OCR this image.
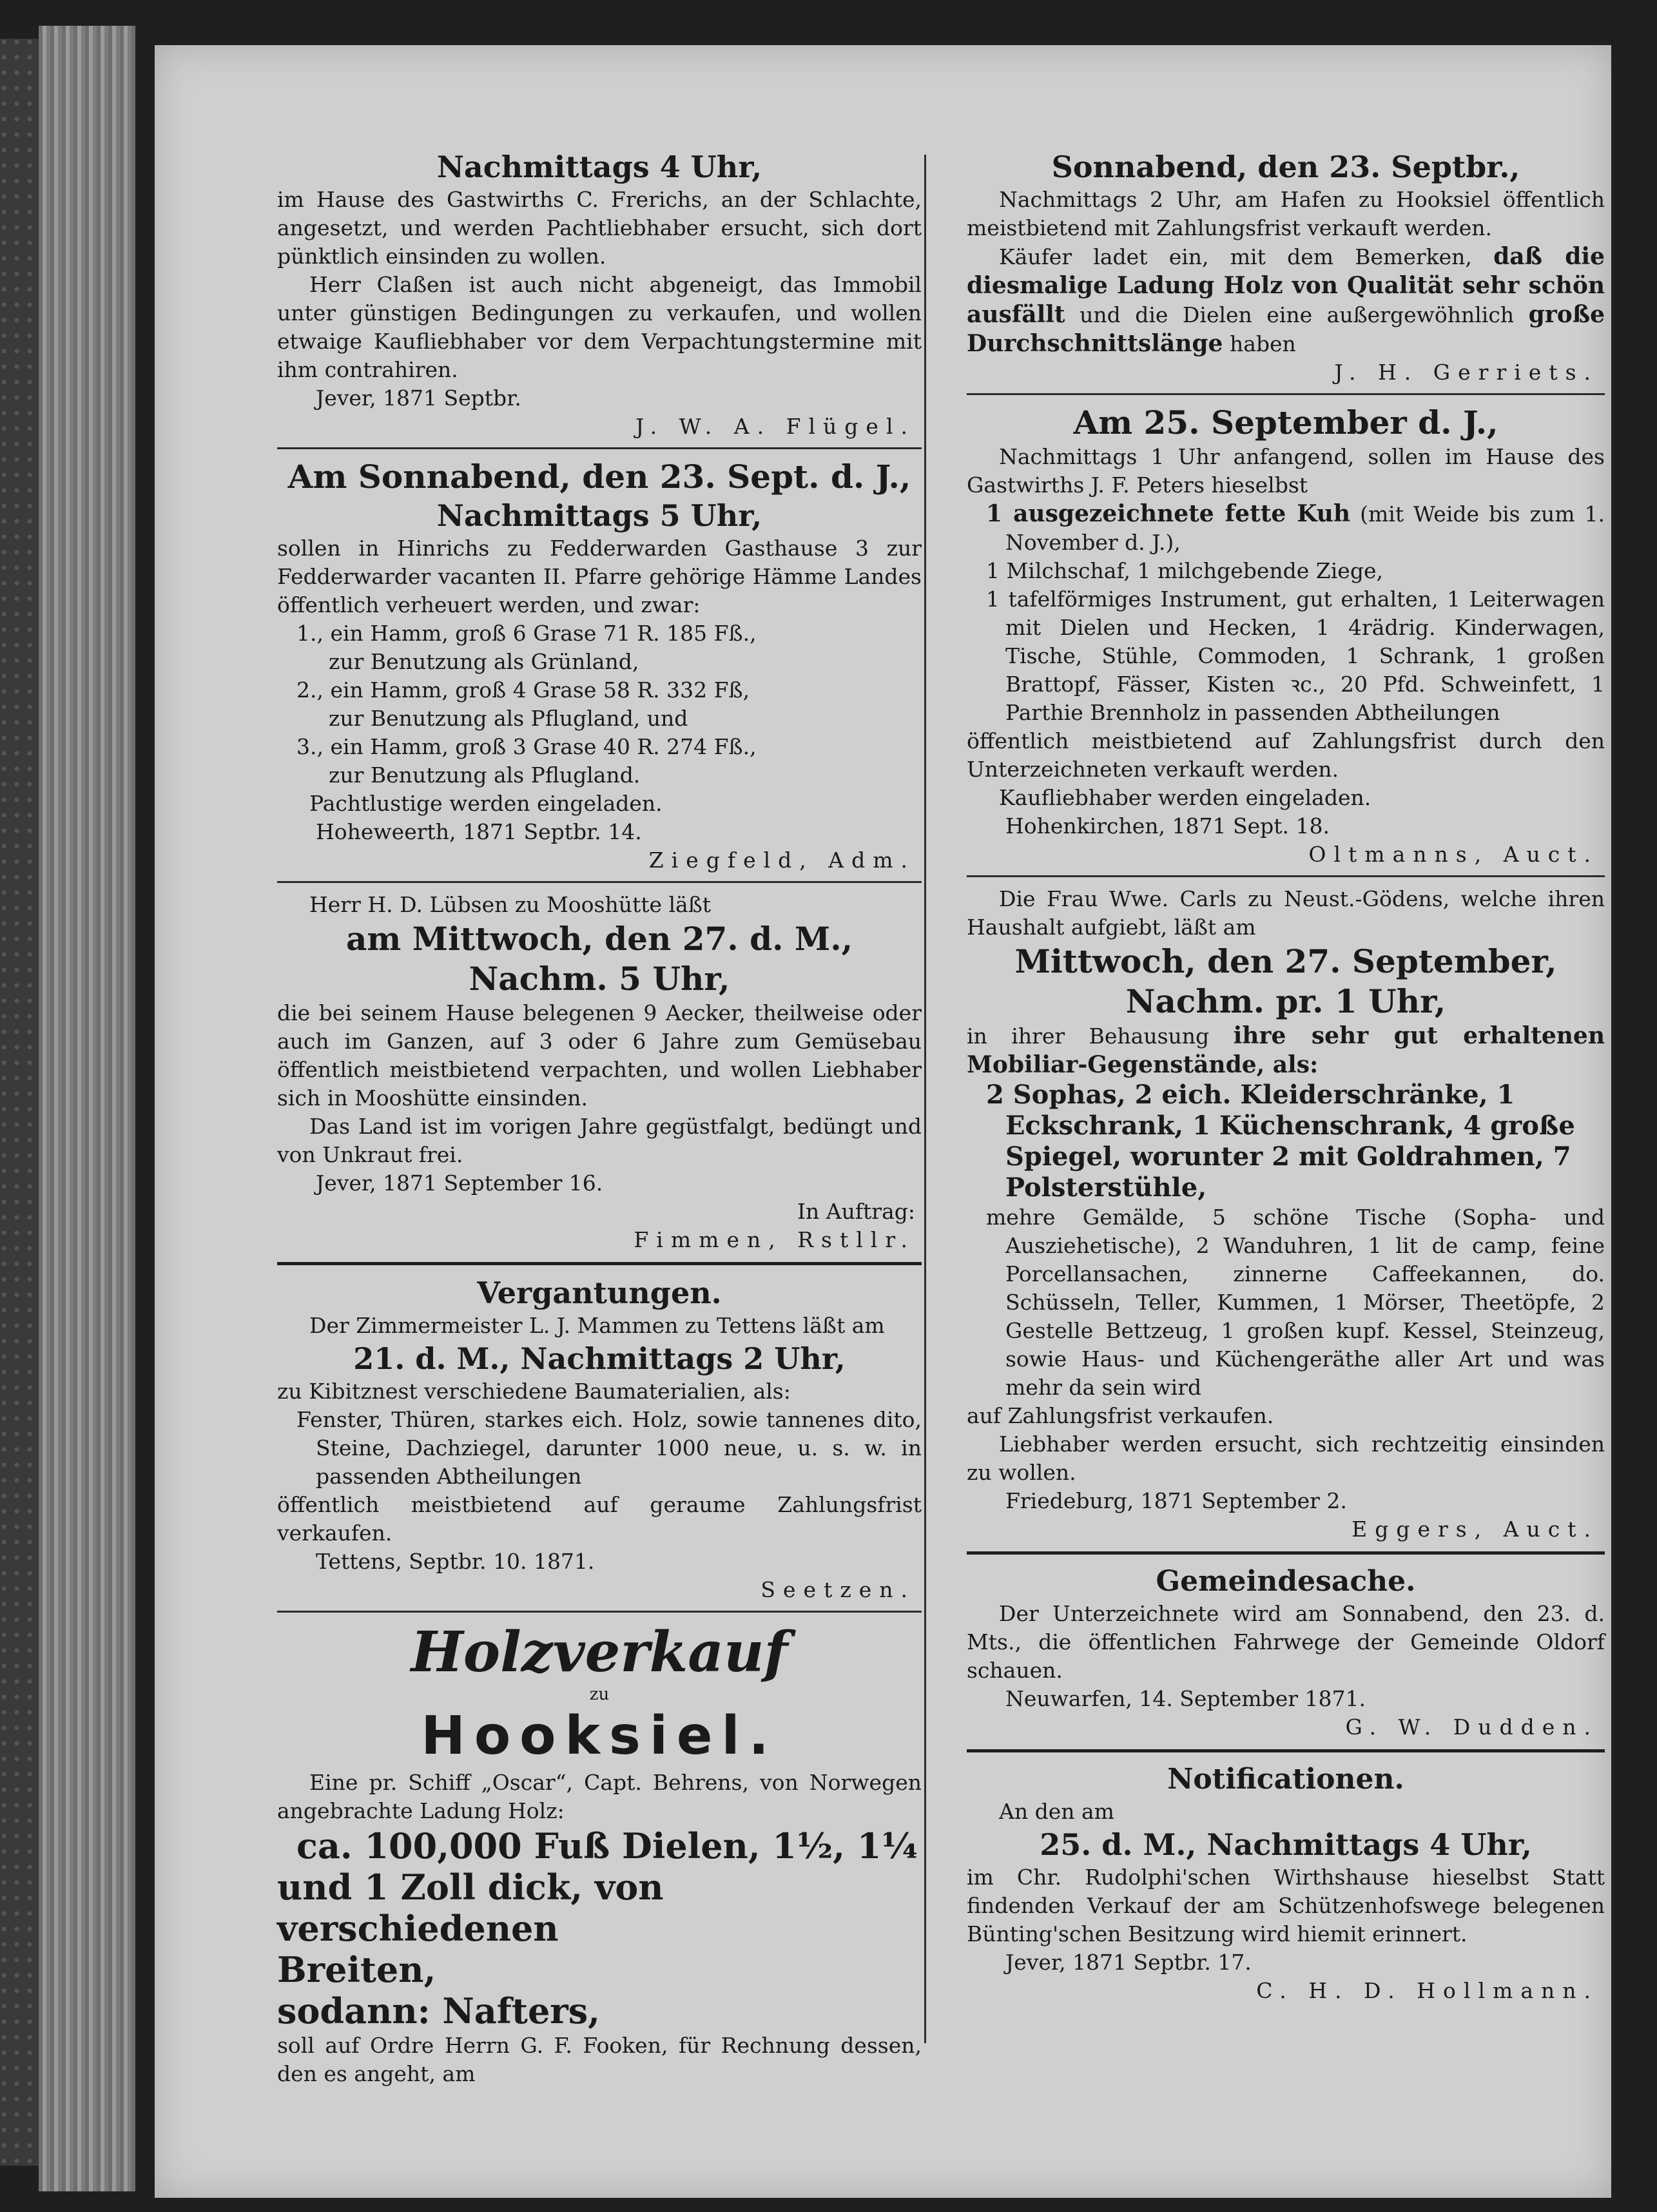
Nachmittags 4 Uhr,

im Hause des Gastwirths C. Frerichs, an der Schlachte, angesetzt, und werden Pachtliebhaber ersucht, sich dort pünktlich einsinden zu wollen.

Herr Claßen ist auch nicht abgeneigt, das Immobil unter günstigen Bedingungen zu verkaufen, und wollen etwaige Kaufliebhaber vor dem Verpachtungstermine mit ihm contrahiren.

Jever, 1871 Septbr.

J. W. A. Flügel.

Am Sonnabend, den 23. Sept. d. J.,
Nachmittags 5 Uhr,

sollen in Hinrichs zu Fedderwarden Gasthause 3 zur Fedderwarder vacanten II. Pfarre gehörige Hämme Landes öffentlich verheuert werden, und zwar:

1., ein Hamm, groß 6 Grase 71 R. 185 Fß.,

zur Benutzung als Grünland,

2., ein Hamm, groß 4 Grase 58 R. 332 Fß,

zur Benutzung als Pflugland, und

3., ein Hamm, groß 3 Grase 40 R. 274 Fß.,

zur Benutzung als Pflugland.

Pachtlustige werden eingeladen.

Hoheweerth, 1871 Septbr. 14.

Ziegfeld, Adm.

Herr H. D. Lübsen zu Mooshütte läßt

am Mittwoch, den 27. d. M.,
Nachm. 5 Uhr,

die bei seinem Hause belegenen 9 Aecker, theilweise oder auch im Ganzen, auf 3 oder 6 Jahre zum Gemüsebau öffentlich meistbietend verpachten, und wollen Liebhaber sich in Mooshütte einsinden.

Das Land ist im vorigen Jahre gegüstfalgt, bedüngt und von Unkraut frei.

Jever, 1871 September 16.

In Auftrag:

Fimmen, Rstllr.

Vergantungen.

Der Zimmermeister L. J. Mammen zu Tettens läßt am

21. d. M., Nachmittags 2 Uhr,

zu Kibitznest verschiedene Baumaterialien, als:

Fenster, Thüren, starkes eich. Holz, sowie tannenes dito, Steine, Dachziegel, darunter 1000 neue, u. s. w. in passenden Abtheilungen

öffentlich meistbietend auf geraume Zahlungsfrist verkaufen.

Tettens, Septbr. 10. 1871.

Seetzen.

Holzverkauf
zu
Hooksiel.

Eine pr. Schiff „Oscar“, Capt. Behrens, von Norwegen angebrachte Ladung Holz:

ca. 100,000 Fuß Dielen, 1½, 1¼

und 1 Zoll dick, von verschiedenen

Breiten,

sodann: Nafters,

soll auf Ordre Herrn G. F. Fooken, für Rechnung dessen, den es angeht, am

Sonnabend, den 23. Septbr.,

Nachmittags 2 Uhr, am Hafen zu Hooksiel öffentlich meistbietend mit Zahlungsfrist verkauft werden.

Käufer ladet ein, mit dem Bemerken, daß die diesmalige Ladung Holz von Qualität sehr schön ausfällt und die Dielen eine außergewöhnlich große Durchschnittslänge haben

J. H. Gerriets.

Am 25. September d. J.,

Nachmittags 1 Uhr anfangend, sollen im Hause des Gastwirths J. F. Peters hieselbst

1 ausgezeichnete fette Kuh (mit Weide bis zum 1. November d. J.),

1 Milchschaf, 1 milchgebende Ziege,

1 tafelförmiges Instrument, gut erhalten, 1 Leiterwagen mit Dielen und Hecken, 1 4rädrig. Kinderwagen, Tische, Stühle, Commoden, 1 Schrank, 1 großen Brattopf, Fässer, Kisten ꝛc., 20 Pfd. Schweinfett, 1 Parthie Brennholz in passenden Abtheilungen

öffentlich meistbietend auf Zahlungsfrist durch den Unterzeichneten verkauft werden.

Kaufliebhaber werden eingeladen.

Hohenkirchen, 1871 Sept. 18.

Oltmanns, Auct.

Die Frau Wwe. Carls zu Neust.-Gödens, welche ihren Haushalt aufgiebt, läßt am

Mittwoch, den 27. September,
Nachm. pr. 1 Uhr,

in ihrer Behausung ihre sehr gut erhaltenen Mobiliar-Gegenstände, als:

2 Sophas, 2 eich. Kleiderschränke, 1 Eckschrank, 1 Küchenschrank, 4 große Spiegel, worunter 2 mit Goldrahmen, 7 Polsterstühle,

mehre Gemälde, 5 schöne Tische (Sopha- und Ausziehetische), 2 Wanduhren, 1 lit de camp, feine Porcellansachen, zinnerne Caffeekannen, do. Schüsseln, Teller, Kummen, 1 Mörser, Theetöpfe, 2 Gestelle Bettzeug, 1 großen kupf. Kessel, Steinzeug, sowie Haus- und Küchengeräthe aller Art und was mehr da sein wird

auf Zahlungsfrist verkaufen.

Liebhaber werden ersucht, sich rechtzeitig einsinden zu wollen.

Friedeburg, 1871 September 2.

Eggers, Auct.

Gemeindesache.

Der Unterzeichnete wird am Sonnabend, den 23. d. Mts., die öffentlichen Fahrwege der Gemeinde Oldorf schauen.

Neuwarfen, 14. September 1871.

G. W. Dudden.

Notificationen.

An den am

25. d. M., Nachmittags 4 Uhr,

im Chr. Rudolphi'schen Wirthshause hieselbst Statt findenden Verkauf der am Schützenhofswege belegenen Bünting'schen Besitzung wird hiemit erinnert.

Jever, 1871 Septbr. 17.

C. H. D. Hollmann.
